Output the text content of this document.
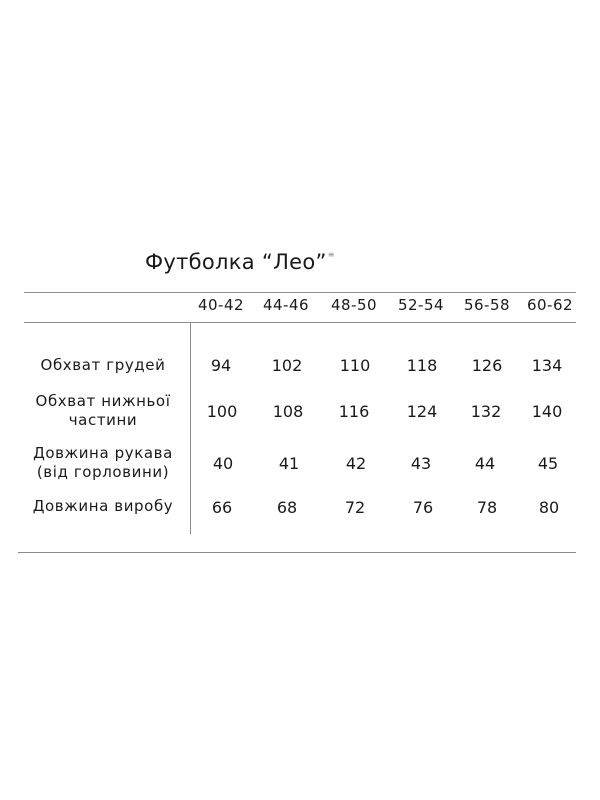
Футболка “Лео”≡
40-42	44-46	48-50	52-54	56-58	60-62
Обхват грудей	94	102	110	118	126	134
Обхват нижньої
частини	100	108	116	124	132	140
Довжина рукава
(від горловини)	40	41	42	43	44	45
Довжина виробу	66	68	72	76	78	80
